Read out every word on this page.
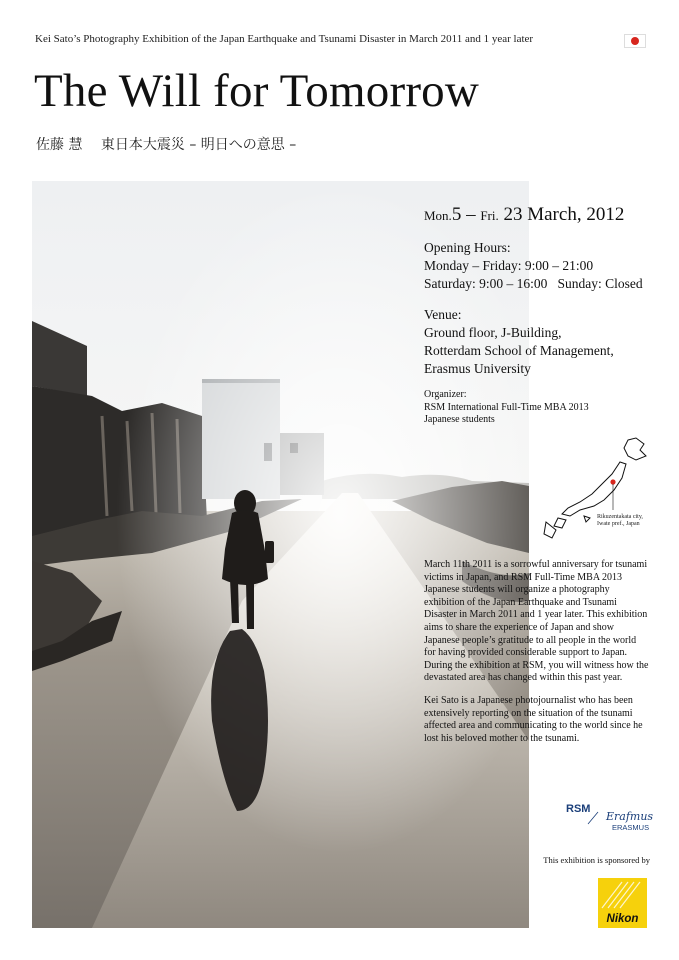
Kei Sato’s Photography Exhibition of the Japan Earthquake and Tsunami Disaster in March 2011 and 1 year later
The Will for Tomorrow
佐藤 慧　 東日本大震災 – 明日への意思 –
Mon.5 – Fri. 23 March, 2012
Opening Hours:
Monday – Friday: 9:00 – 21:00
Saturday: 9:00 – 16:00   Sunday: Closed
Venue:
Ground floor, J-Building,
Rotterdam School of Management,
Erasmus University
Organizer:
RSM International Full-Time MBA 2013
Japanese students
Rikuzentakata city,
Iwate pref., Japan

March 11th 2011 is a sorrowful anniversary for tsunami victims in Japan, and RSM Full-Time MBA 2013 Japanese students will organize a photography exhibition of the Japan Earthquake and Tsunami Disaster in March 2011 and 1 year later. This exhibition aims to share the experience of Japan and show Japanese people’s gratitude to all people in the world for having provided considerable support to Japan. During the exhibition at RSM, you will witness how the devastated area has changed within this past year.

Kei Sato is a Japanese photojournalist who has been extensively reporting on the situation of the tsunami affected area and communicating to the world since he lost his beloved mother to the tsunami.

RSM
Erafmus
ERASMUS
This exhibition is sponsored by
Nikon
